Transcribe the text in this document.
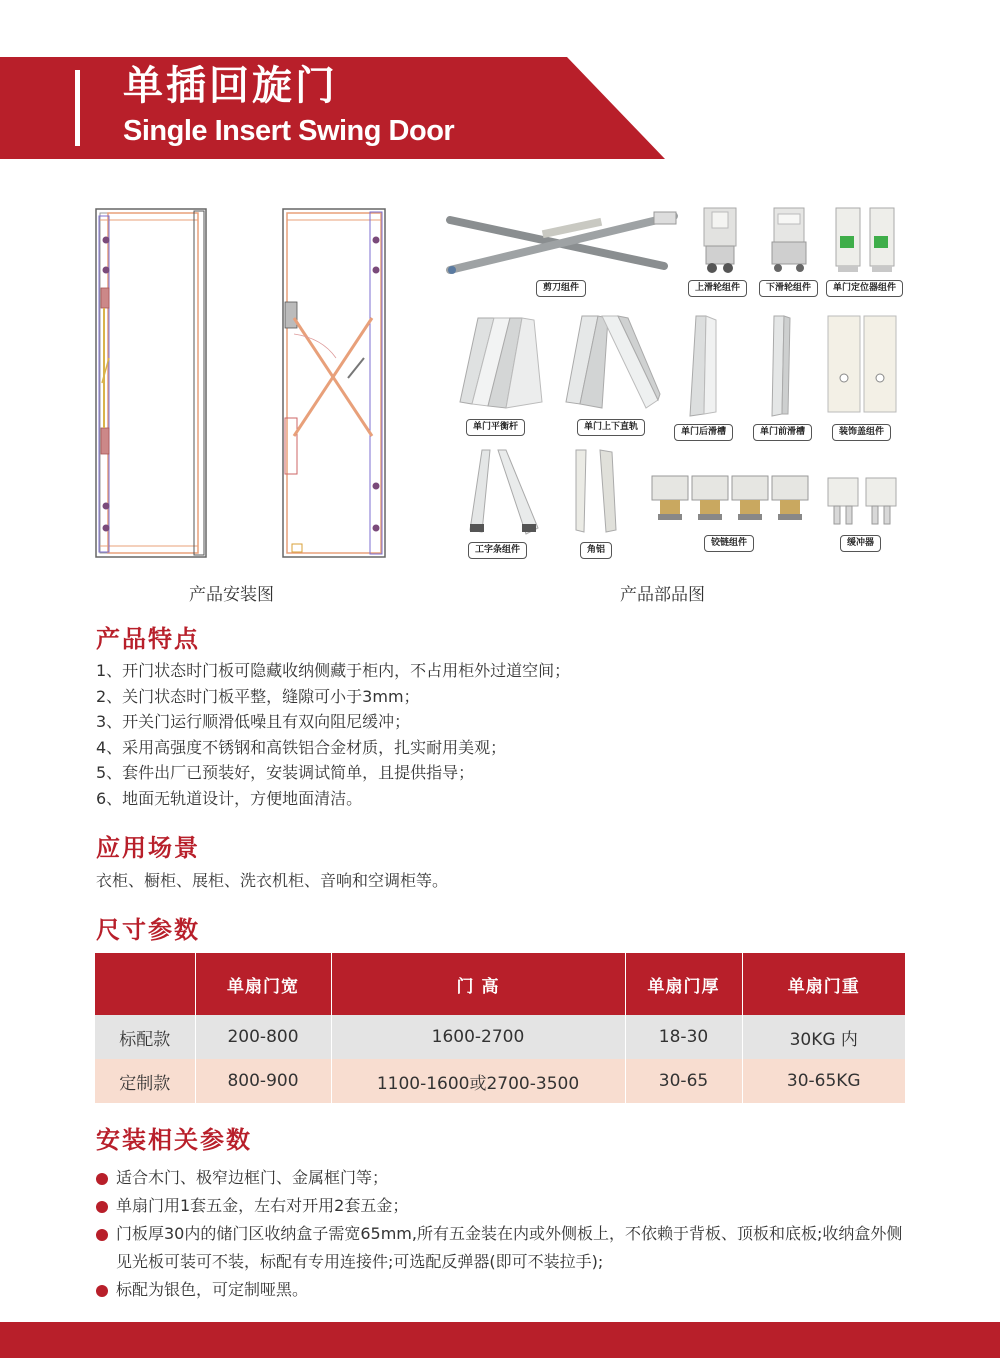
单插回旋门
Single Insert Swing Door
产品安装图
剪刀组件	上滑轮组件	下滑轮组件	单门定位器组件
单门平衡杆	单门上下直轨	单门后滑槽	单门前滑槽	装饰盖组件
工字条组件	角铝
铰链组件	缓冲器
产品部品图
产品特点
1、开门状态时门板可隐藏收纳侧藏于柜内，不占用柜外过道空间；
2、关门状态时门板平整，缝隙可小于3mm；
3、开关门运行顺滑低噪且有双向阻尼缓冲；
4、采用高强度不锈钢和高铁铝合金材质，扎实耐用美观；
5、套件出厂已预装好，安装调试简单，且提供指导；
6、地面无轨道设计，方便地面清洁。
应用场景
衣柜、橱柜、展柜、洗衣机柜、音响和空调柜等。
尺寸参数
	单扇门宽	门 高	单扇门厚	单扇门重
标配款	200-800	1600-2700	18-30	30KG 内
定制款	800-900	1100-1600或2700-3500	30-65	30-65KG
安装相关参数
适合木门、极窄边框门、金属框门等；
单扇门用1套五金，左右对开用2套五金；
门板厚30内的储门区收纳盒子需宽65mm,所有五金装在内或外侧板上，不依赖于背板、顶板和底板;收纳盒外侧见光板可装可不装，标配有专用连接件;可选配反弹器(即可不装拉手);
标配为银色，可定制哑黑。
